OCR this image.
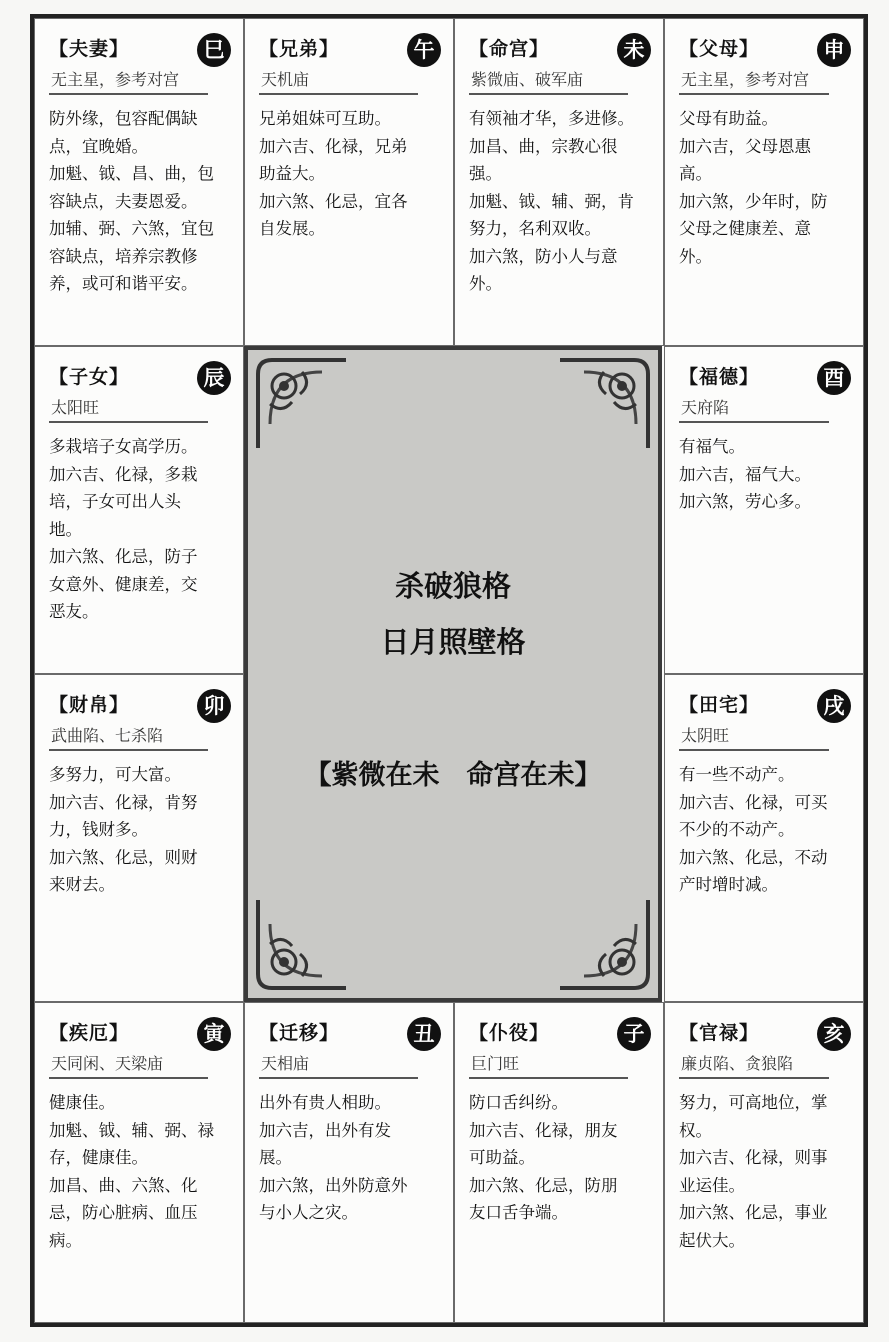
【夫妻】	巳
无主星，参考对宫
防外缘，包容配偶缺
点，宜晚婚。
加魁、钺、昌、曲，包
容缺点，夫妻恩爱。
加辅、弼、六煞，宜包
容缺点，培养宗教修
养，或可和谐平安。
【兄弟】	午
天机庙
兄弟姐妹可互助。
加六吉、化禄，兄弟
助益大。
加六煞、化忌，宜各
自发展。
【命宫】	未
紫微庙、破军庙
有领袖才华，多进修。
加昌、曲，宗教心很
强。
加魁、钺、辅、弼，肯
努力，名利双收。
加六煞，防小人与意
外。
【父母】	申
无主星，参考对宫
父母有助益。
加六吉，父母恩惠
高。
加六煞，少年时，防
父母之健康差、意
外。
【子女】	辰
太阳旺
多栽培子女高学历。
加六吉、化禄，多栽
培，子女可出人头
地。
加六煞、化忌，防子
女意外、健康差，交
恶友。
【财帛】	卯
武曲陷、七杀陷
多努力，可大富。
加六吉、化禄，肯努
力，钱财多。
加六煞、化忌，则财
来财去。
【福德】	酉
天府陷
有福气。
加六吉，福气大。
加六煞，劳心多。
【田宅】	戌
太阴旺
有一些不动产。
加六吉、化禄，可买
不少的不动产。
加六煞、化忌，不动
产时增时减。
【疾厄】	寅
天同闲、天梁庙
健康佳。
加魁、钺、辅、弼、禄
存，健康佳。
加昌、曲、六煞、化
忌，防心脏病、血压
病。
【迁移】	丑
天相庙
出外有贵人相助。
加六吉，出外有发
展。
加六煞，出外防意外
与小人之灾。
【仆役】	子
巨门旺
防口舌纠纷。
加六吉、化禄，朋友
可助益。
加六煞、化忌，防朋
友口舌争端。
【官禄】	亥
廉贞陷、贪狼陷
努力，可高地位，掌
权。
加六吉、化禄，则事
业运佳。
加六煞、化忌，事业
起伏大。
杀破狼格
日月照壁格
【紫微在未　命宫在未】
